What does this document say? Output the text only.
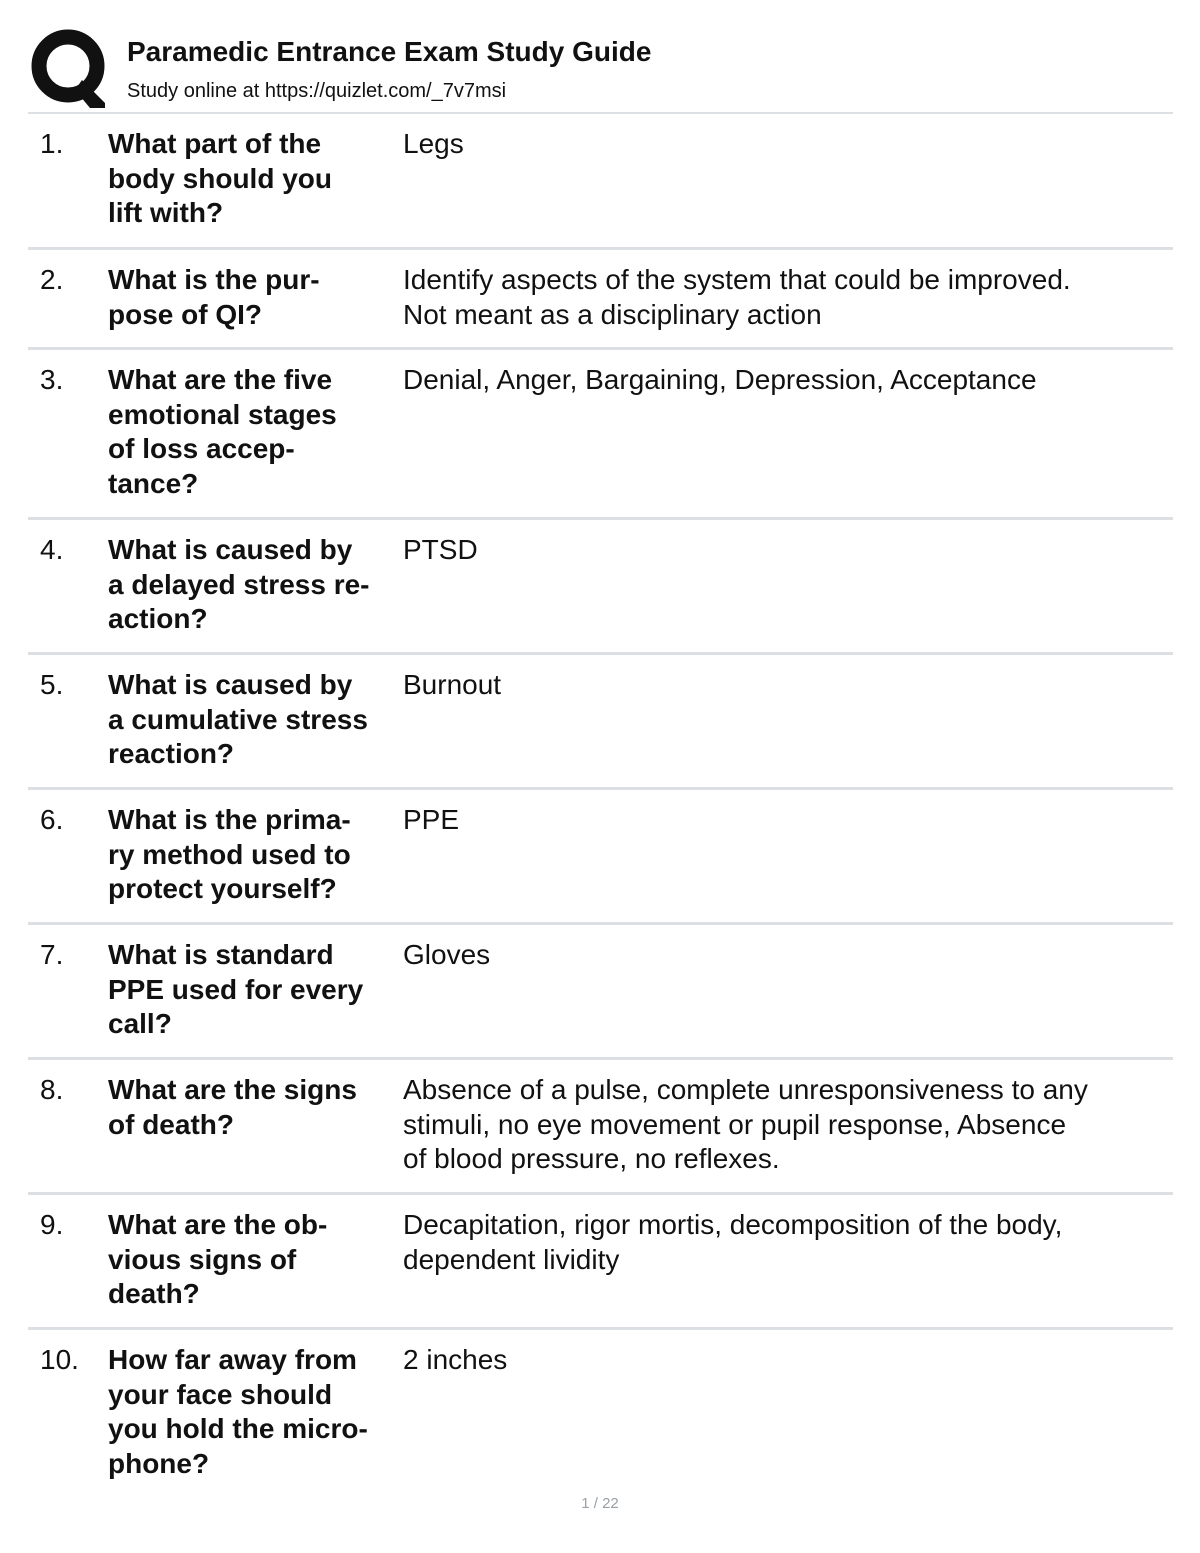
Paramedic Entrance Exam Study Guide
Study online at https://quizlet.com/_7v7msi
1. What part of the
body should you
lift with?
Legs
2. What is the pur-
pose of QI?
Identify aspects of the system that could be improved.
Not meant as a disciplinary action
3. What are the five
emotional stages
of loss accep-
tance?
Denial, Anger, Bargaining, Depression, Acceptance
4. What is caused by
a delayed stress re-
action?
PTSD
5. What is caused by
a cumulative stress
reaction?
Burnout
6. What is the prima-
ry method used to
protect yourself?
PPE
7. What is standard
PPE used for every
call?
Gloves
8. What are the signs
of death?
Absence of a pulse, complete unresponsiveness to any
stimuli, no eye movement or pupil response, Absence
of blood pressure, no reflexes.
9. What are the ob-
vious signs of
death?
Decapitation, rigor mortis, decomposition of the body,
dependent lividity
10. How far away from
your face should
you hold the micro-
phone?
2 inches
1 / 22
